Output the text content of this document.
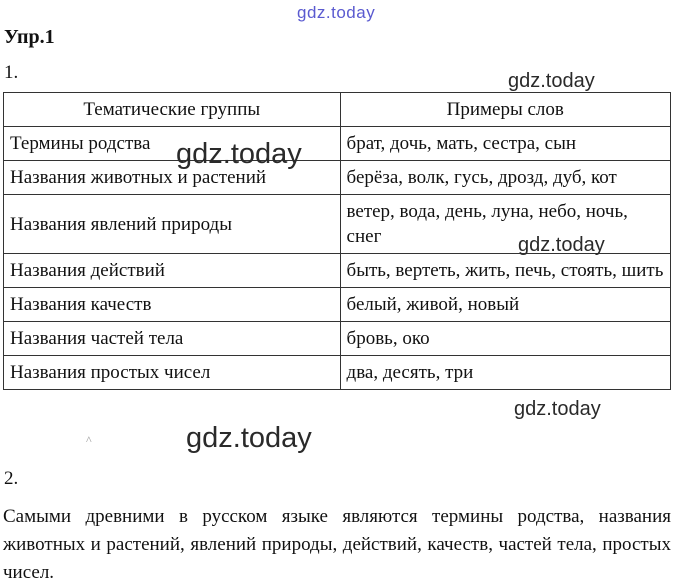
Упр.1

1.

Тематические группы	Примеры слов
Термины родства	брат, дочь, мать, сестра, сын
Названия животных и растений	берёза, волк, гусь, дрозд, дуб, кот
Названия явлений природы	ветер, вода, день, луна, небо, ночь, снег
Названия действий	быть, вертеть, жить, печь, стоять, шить
Названия качеств	белый, живой, новый
Названия частей тела	бровь, око
Названия простых чисел	два, десять, три
^

2.

Самыми древними в русском языке являются термины родства, названия животных и растений, явлений природы, действий, качеств, частей тела, простых чисел.

gdz.today
gdz.today
gdz.today
gdz.today
gdz.today
gdz.today
